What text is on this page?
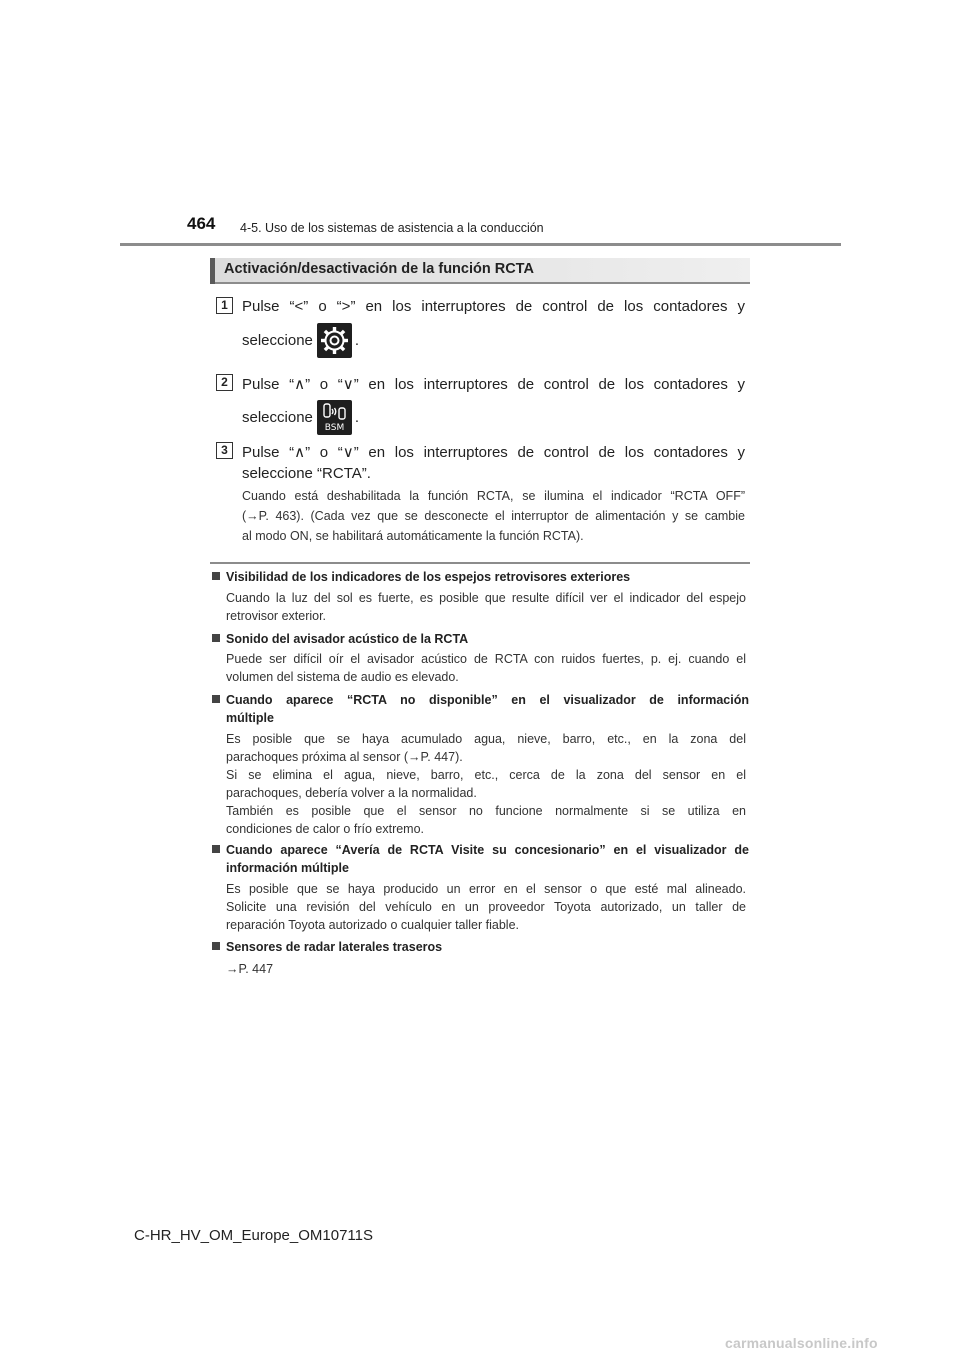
464 4-5. Uso de los sistemas de asistencia a la conducción
Activación/desactivación de la función RCTA
1 Pulse “<” o “>” en los interruptores de control de los contadores y
seleccione	.
2 Pulse “∧” o “∨” en los interruptores de control de los contadores y
seleccione
BSM
.
3 Pulse “∧” o “∨” en los interruptores de control de los contadores y
seleccione “RCTA”.
Cuando está deshabilitada la función RCTA, se ilumina el indicador “RCTA OFF”
(→P. 463). (Cada vez que se desconecte el interruptor de alimentación y se cambie
al modo ON, se habilitará automáticamente la función RCTA).
Visibilidad de los indicadores de los espejos retrovisores exteriores
Cuando la luz del sol es fuerte, es posible que resulte difícil ver el indicador del espejo
retrovisor exterior.
Sonido del avisador acústico de la RCTA
Puede ser difícil oír el avisador acústico de RCTA con ruidos fuertes, p. ej. cuando el
volumen del sistema de audio es elevado.
Cuando aparece “RCTA no disponible” en el visualizador de información
múltiple
Es posible que se haya acumulado agua, nieve, barro, etc., en la zona del
parachoques próxima al sensor (→P. 447).
Si se elimina el agua, nieve, barro, etc., cerca de la zona del sensor en el
parachoques, debería volver a la normalidad.
También es posible que el sensor no funcione normalmente si se utiliza en
condiciones de calor o frío extremo.
Cuando aparece “Avería de RCTA Visite su concesionario” en el visualizador de
información múltiple
Es posible que se haya producido un error en el sensor o que esté mal alineado.
Solicite una revisión del vehículo en un proveedor Toyota autorizado, un taller de
reparación Toyota autorizado o cualquier taller fiable.
Sensores de radar laterales traseros
→P. 447
C-HR_HV_OM_Europe_OM10711S
carmanualsonline.info
